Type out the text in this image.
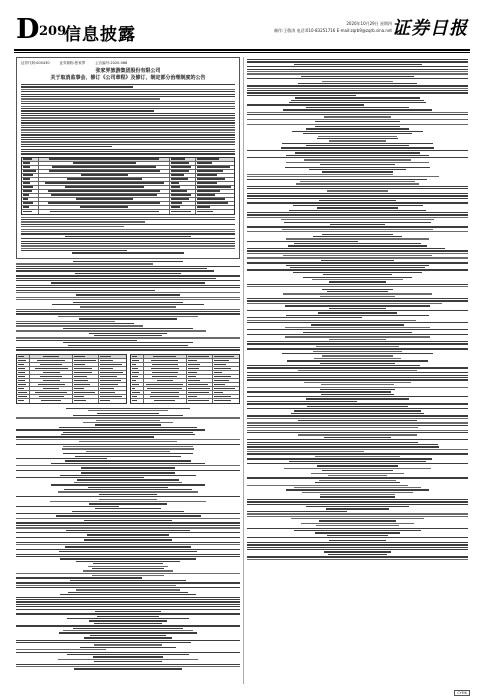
D 209
信息披露
2020年10月29日 星期四
制作:王敬涛 电话:010-83251716 E-mail:zqrb9@zqrb.sina.net 证券日报
证券代码:000430	证券简称:张家界	公告编号:2020-068
张家界旅游集团股份有限公司
关于取消监事会、修订《公司章程》及修订、制定部分治理制度的公告
CYMK
